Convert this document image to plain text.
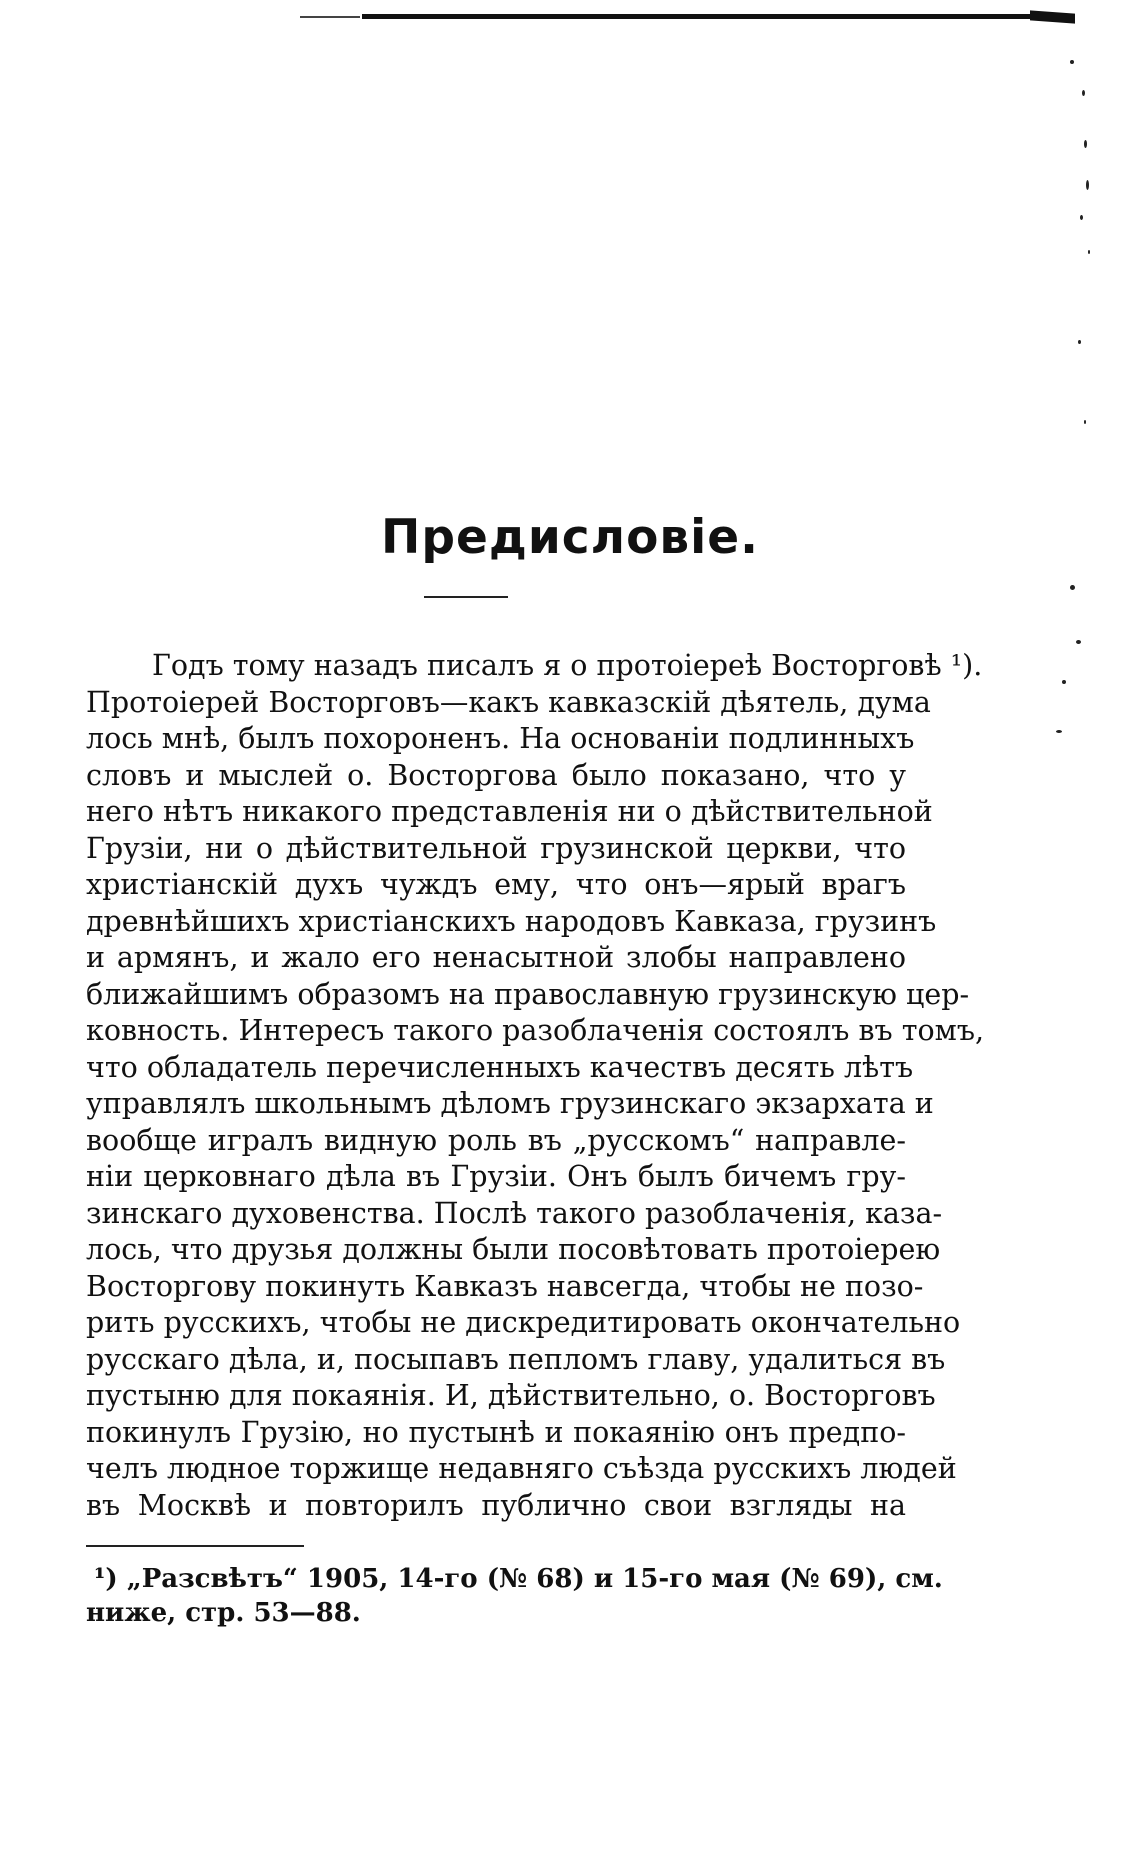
Предисловіе.
Годъ тому назадъ писалъ я о протоіереѣ Восторговѣ ¹).
Протоіерей Восторговъ—какъ кавказскій дѣятель, дума
лось мнѣ, былъ похороненъ. На основаніи подлинныхъ
словъ и мыслей о. Восторгова было показано, что у
него нѣтъ никакого представленія ни о дѣйствительной
Грузіи, ни о дѣйствительной грузинской церкви, что
христіанскій духъ чуждъ ему, что онъ—ярый врагъ
древнѣйшихъ христіанскихъ народовъ Кавказа, грузинъ
и армянъ, и жало его ненасытной злобы направлено
ближайшимъ образомъ на православную грузинскую цер-
ковность. Интересъ такого разоблаченія состоялъ въ томъ,
что обладатель перечисленныхъ качествъ десять лѣтъ
управлялъ школьнымъ дѣломъ грузинскаго экзархата и
вообще игралъ видную роль въ „русскомъ“ направле-
ніи церковнаго дѣла въ Грузіи. Онъ былъ бичемъ гру-
зинскаго духовенства. Послѣ такого разоблаченія, каза-
лось, что друзья должны были посовѣтовать протоіерею
Восторгову покинуть Кавказъ навсегда, чтобы не позо-
рить русскихъ, чтобы не дискредитировать окончательно
русскаго дѣла, и, посыпавъ пепломъ главу, удалиться въ
пустыню для покаянія. И, дѣйствительно, о. Восторговъ
покинулъ Грузію, но пустынѣ и покаянію онъ предпо-
челъ людное торжище недавняго съѣзда русскихъ людей
въ Москвѣ и повторилъ публично свои взгляды на
¹) „Разсвѣтъ“ 1905, 14-го (№ 68) и 15-го мая (№ 69), см.
ниже, стр. 53—88.
